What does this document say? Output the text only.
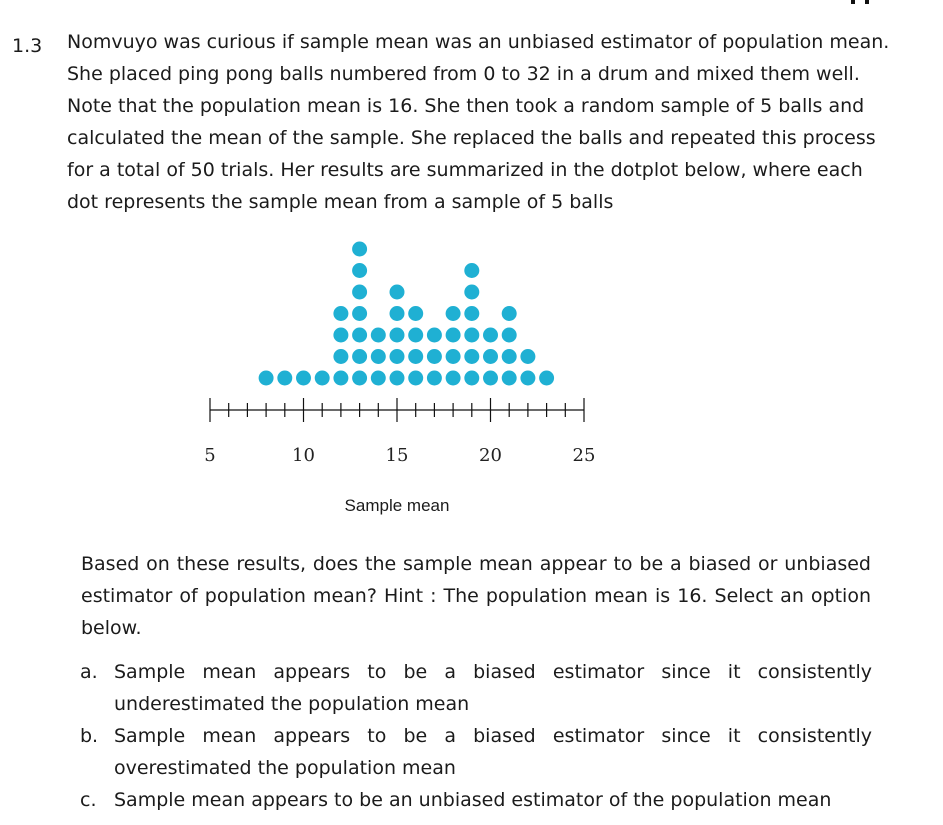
1.3 Nomvuyo was curious if sample mean was an unbiased estimator of population mean.
She placed ping pong balls numbered from 0 to 32 in a drum and mixed them well.
Note that the population mean is 16. She then took a random sample of 5 balls and
calculated the mean of the sample. She replaced the balls and repeated this process
for a total of 50 trials. Her results are summarized in the dotplot below, where each
dot represents the sample mean from a sample of 5 balls
5	10	15	20	25
Sample mean
Based on these results, does the sample mean appear to be a biased or unbiased estimator of population mean? Hint : The population mean is 16. Select an option below.
a. Sample mean appears to be a biased estimator since it consistently underestimated the population mean
b. Sample mean appears to be a biased estimator since it consistently overestimated the population mean
c. Sample mean appears to be an unbiased estimator of the population mean
